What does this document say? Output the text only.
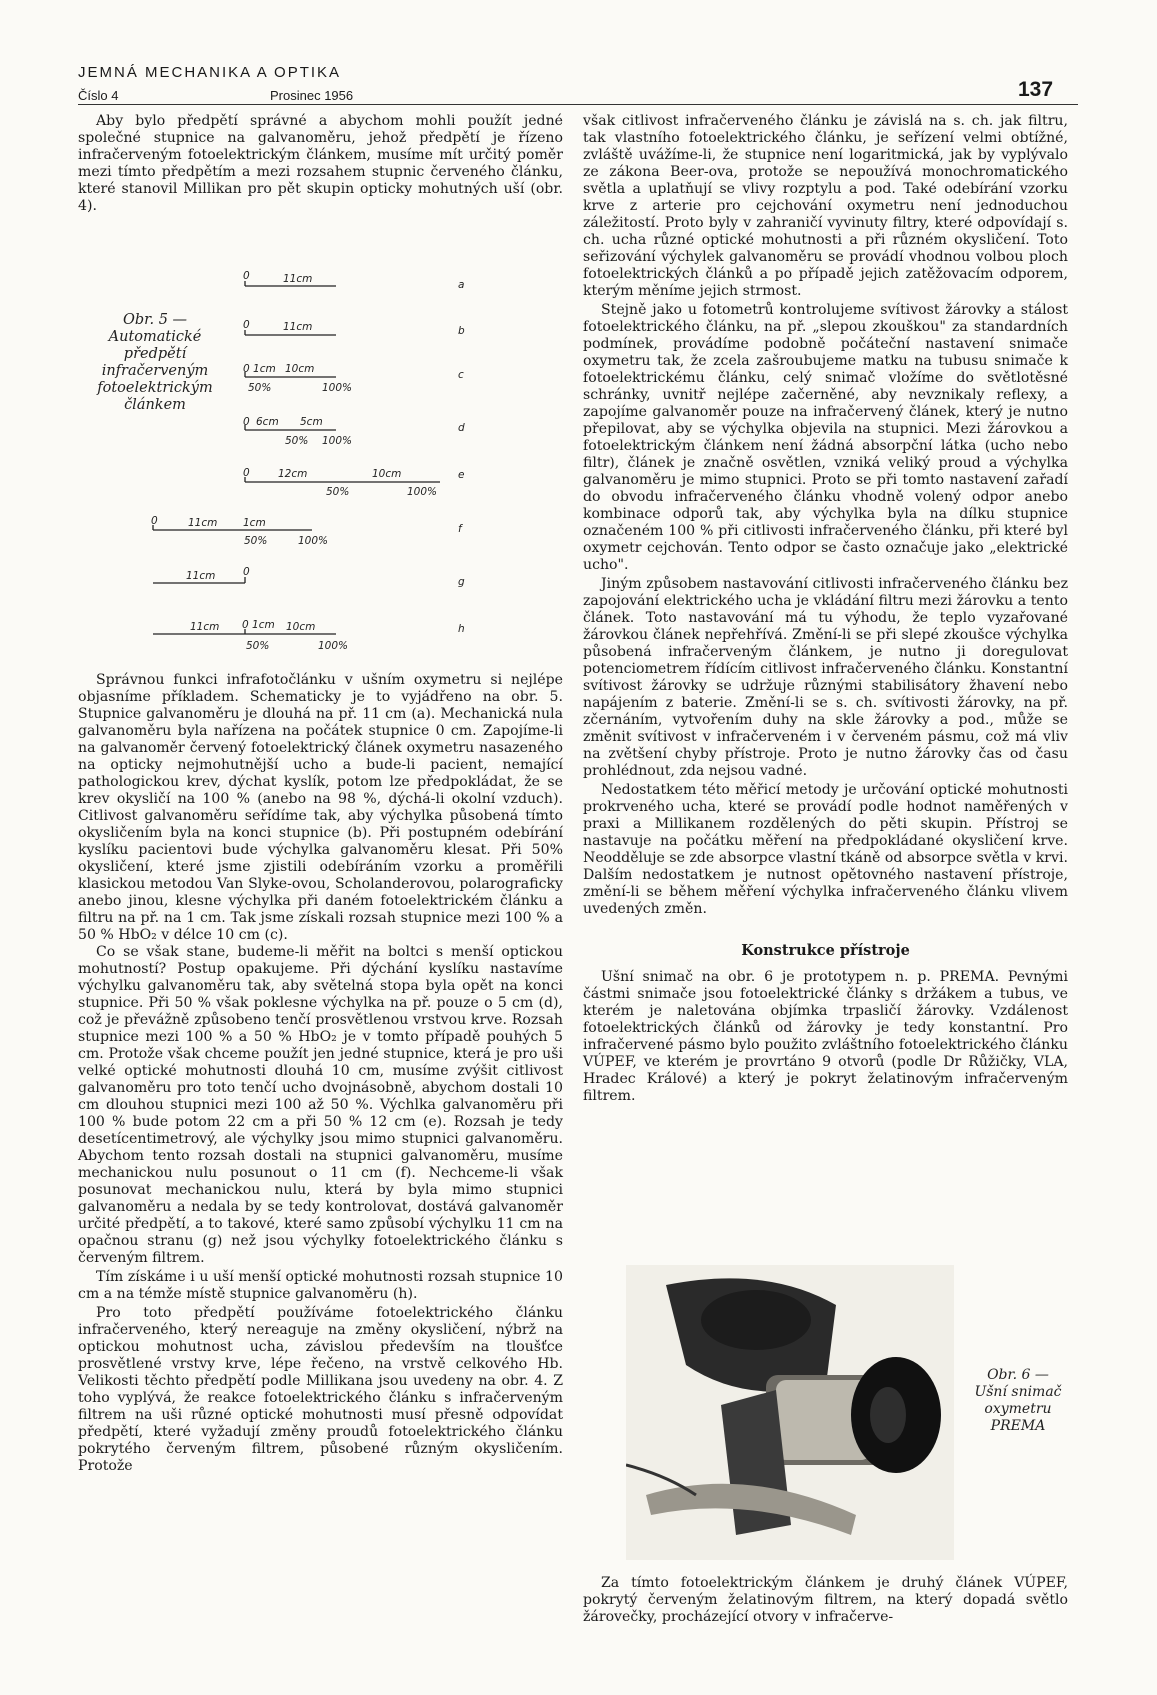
JEMNÁ MECHANIKA A OPTIKA
Číslo 4	Prosinec 1956	137

Aby bylo předpětí správné a abychom mohli použít jedné společné stupnice na galvanoměru, jehož předpětí je řízeno infračerveným fotoelektrickým článkem, musíme mít určitý poměr mezi tímto předpětím a mezi rozsahem stupnic červeného článku, které stanovil Millikan pro pět skupin opticky mohutných uší (obr. 4).

Obr. 5 —
Automatické
předpětí
infračerveným
fotoelektrickým
článkem
0	11cm	a
0	11cm	b
0 1cm 10cm
50%	100%
c
0 6cm 5cm
50% 100%
d
0	12cm	10cm
50%	100%
e
0	11cm 1cm
50%	100%
f
11cm	0
g
11cm 0 1cm 10cm
50%	100%
h

Správnou funkci infrafotočlánku v ušním oxymetru si nejlépe objasníme příkladem. Schematicky je to vyjádřeno na obr. 5. Stupnice galvanoměru je dlouhá na př. 11 cm (a). Mechanická nula galvanoměru byla nařízena na počátek stupnice 0 cm. Zapojíme-li na galvanoměr červený fotoelektrický článek oxymetru nasazeného na opticky nejmohutnější ucho a bude-li pacient, nemající pathologickou krev, dýchat kyslík, potom lze předpokládat, že se krev okysličí na 100 % (anebo na 98 %, dýchá-li okolní vzduch). Citlivost galvanoměru seřídíme tak, aby výchylka působená tímto okysličením byla na konci stupnice (b). Při postupném odebírání kyslíku pacientovi bude výchylka galvanoměru klesat. Při 50% okysličení, které jsme zjistili odebíráním vzorku a proměřili klasickou metodou Van Slyke-ovou, Scholanderovou, polarograficky anebo jinou, klesne výchylka při daném fotoelektrickém článku a filtru na př. na 1 cm. Tak jsme získali rozsah stupnice mezi 100 % a 50 % HbO₂ v délce 10 cm (c).

Co se však stane, budeme-li měřit na boltci s menší optickou mohutností? Postup opakujeme. Při dýchání kyslíku nastavíme výchylku galvanoměru tak, aby světelná stopa byla opět na konci stupnice. Při 50 % však poklesne výchylka na př. pouze o 5 cm (d), což je převážně způsobeno tenčí prosvětlenou vrstvou krve. Rozsah stupnice mezi 100 % a 50 % HbO₂ je v tomto případě pouhých 5 cm. Protože však chceme použít jen jedné stupnice, která je pro uši velké optické mohutnosti dlouhá 10 cm, musíme zvýšit citlivost galvanoměru pro toto tenčí ucho dvojnásobně, abychom dostali 10 cm dlouhou stupnici mezi 100 až 50 %. Výchlka galvanoměru při 100 % bude potom 22 cm a při 50 % 12 cm (e). Rozsah je tedy desetícentimetrový, ale výchylky jsou mimo stupnici galvanoměru. Abychom tento rozsah dostali na stupnici galvanoměru, musíme mechanickou nulu posunout o 11 cm (f). Nechceme-li však posunovat mechanickou nulu, která by byla mimo stupnici galvanoměru a nedala by se tedy kontrolovat, dostává galvanoměr určité předpětí, a to takové, které samo způsobí výchylku 11 cm na opačnou stranu (g) než jsou výchylky fotoelektrického článku s červeným filtrem.

Tím získáme i u uší menší optické mohutnosti rozsah stupnice 10 cm a na témže místě stupnice galvanoměru (h).

Pro toto předpětí používáme fotoelektrického článku infračerveného, který nereaguje na změny okysličení, nýbrž na optickou mohutnost ucha, závislou především na tloušťce prosvětlené vrstvy krve, lépe řečeno, na vrstvě celkového Hb. Velikosti těchto předpětí podle Millikana jsou uvedeny na obr. 4. Z toho vyplývá, že reakce fotoelektrického článku s infračerveným filtrem na uši různé optické mohutnosti musí přesně odpovídat předpětí, které vyžadují změny proudů fotoelektrického článku pokrytého červeným filtrem, působené různým okysličením. Protože

však citlivost infračerveného článku je závislá na s. ch. jak filtru, tak vlastního fotoelektrického článku, je seřízení velmi obtížné, zvláště uvážíme-li, že stupnice není logaritmická, jak by vyplývalo ze zákona Beer-ova, protože se nepoužívá monochromatického světla a uplatňují se vlivy rozptylu a pod. Také odebírání vzorku krve z arterie pro cejchování oxymetru není jednoduchou záležitostí. Proto byly v zahraničí vyvinuty filtry, které odpovídají s. ch. ucha různé optické mohutnosti a při různém okysličení. Toto seřizování výchylek galvanoměru se provádí vhodnou volbou ploch fotoelektrických článků a po případě jejich zatěžovacím odporem, kterým měníme jejich strmost.

Stejně jako u fotometrů kontrolujeme svítivost žárovky a stálost fotoelektrického článku, na př. „slepou zkouškou" za standardních podmínek, provádíme podobně počáteční nastavení snimače oxymetru tak, že zcela zašroubujeme matku na tubusu snimače k fotoelektrickému článku, celý snimač vložíme do světlotěsné schránky, uvnitř nejlépe začerněné, aby nevznikaly reflexy, a zapojíme galvanoměr pouze na infračervený článek, který je nutno přepilovat, aby se výchylka objevila na stupnici. Mezi žárovkou a fotoelektrickým článkem není žádná absorpční látka (ucho nebo filtr), článek je značně osvětlen, vzniká veliký proud a výchylka galvanoměru je mimo stupnici. Proto se při tomto nastavení zařadí do obvodu infračerveného článku vhodně volený odpor anebo kombinace odporů tak, aby výchylka byla na dílku stupnice označeném 100 % při citlivosti infračerveného článku, při které byl oxymetr cejchován. Tento odpor se často označuje jako „elektrické ucho".

Jiným způsobem nastavování citlivosti infračerveného článku bez zapojování elektrického ucha je vkládání filtru mezi žárovku a tento článek. Toto nastavování má tu výhodu, že teplo vyzařované žárovkou článek nepřehřívá. Změní-li se při slepé zkoušce výchylka působená infračerveným článkem, je nutno ji doregulovat potenciometrem řídícím citlivost infračerveného článku. Konstantní svítivost žárovky se udržuje různými stabilisátory žhavení nebo napájením z baterie. Změní-li se s. ch. svítivosti žárovky, na př. zčernáním, vytvořením duhy na skle žárovky a pod., může se změnit svítivost v infračerveném i v červeném pásmu, což má vliv na zvětšení chyby přístroje. Proto je nutno žárovky čas od času prohlédnout, zda nejsou vadné.

Nedostatkem této měřicí metody je určování optické mohutnosti prokrveného ucha, které se provádí podle hodnot naměřených v praxi a Millikanem rozdělených do pěti skupin. Přístroj se nastavuje na počátku měření na předpokládané okysličení krve. Neodděluje se zde absorpce vlastní tkáně od absorpce světla v krvi. Dalším nedostatkem je nutnost opětovného nastavení přístroje, změní-li se během měření výchylka infračerveného článku vlivem uvedených změn.

Konstrukce přístroje

Ušní snimač na obr. 6 je prototypem n. p. PREMA. Pevnými částmi snimače jsou fotoelektrické články s držákem a tubus, ve kterém je naletována objímka trpasličí žárovky. Vzdálenost fotoelektrických článků od žárovky je tedy konstantní. Pro infračervené pásmo bylo použito zvláštního fotoelektrického článku VÚPEF, ve kterém je provrtáno 9 otvorů (podle Dr Růžičky, VLA, Hradec Králové) a který je pokryt želatinovým infračerveným filtrem.

Obr. 6 —
Ušní snimač
oxymetru
PREMA

Za tímto fotoelektrickým článkem je druhý článek VÚPEF, pokrytý červeným želatinovým filtrem, na který dopadá světlo žárovečky, procházející otvory v infračerve-
